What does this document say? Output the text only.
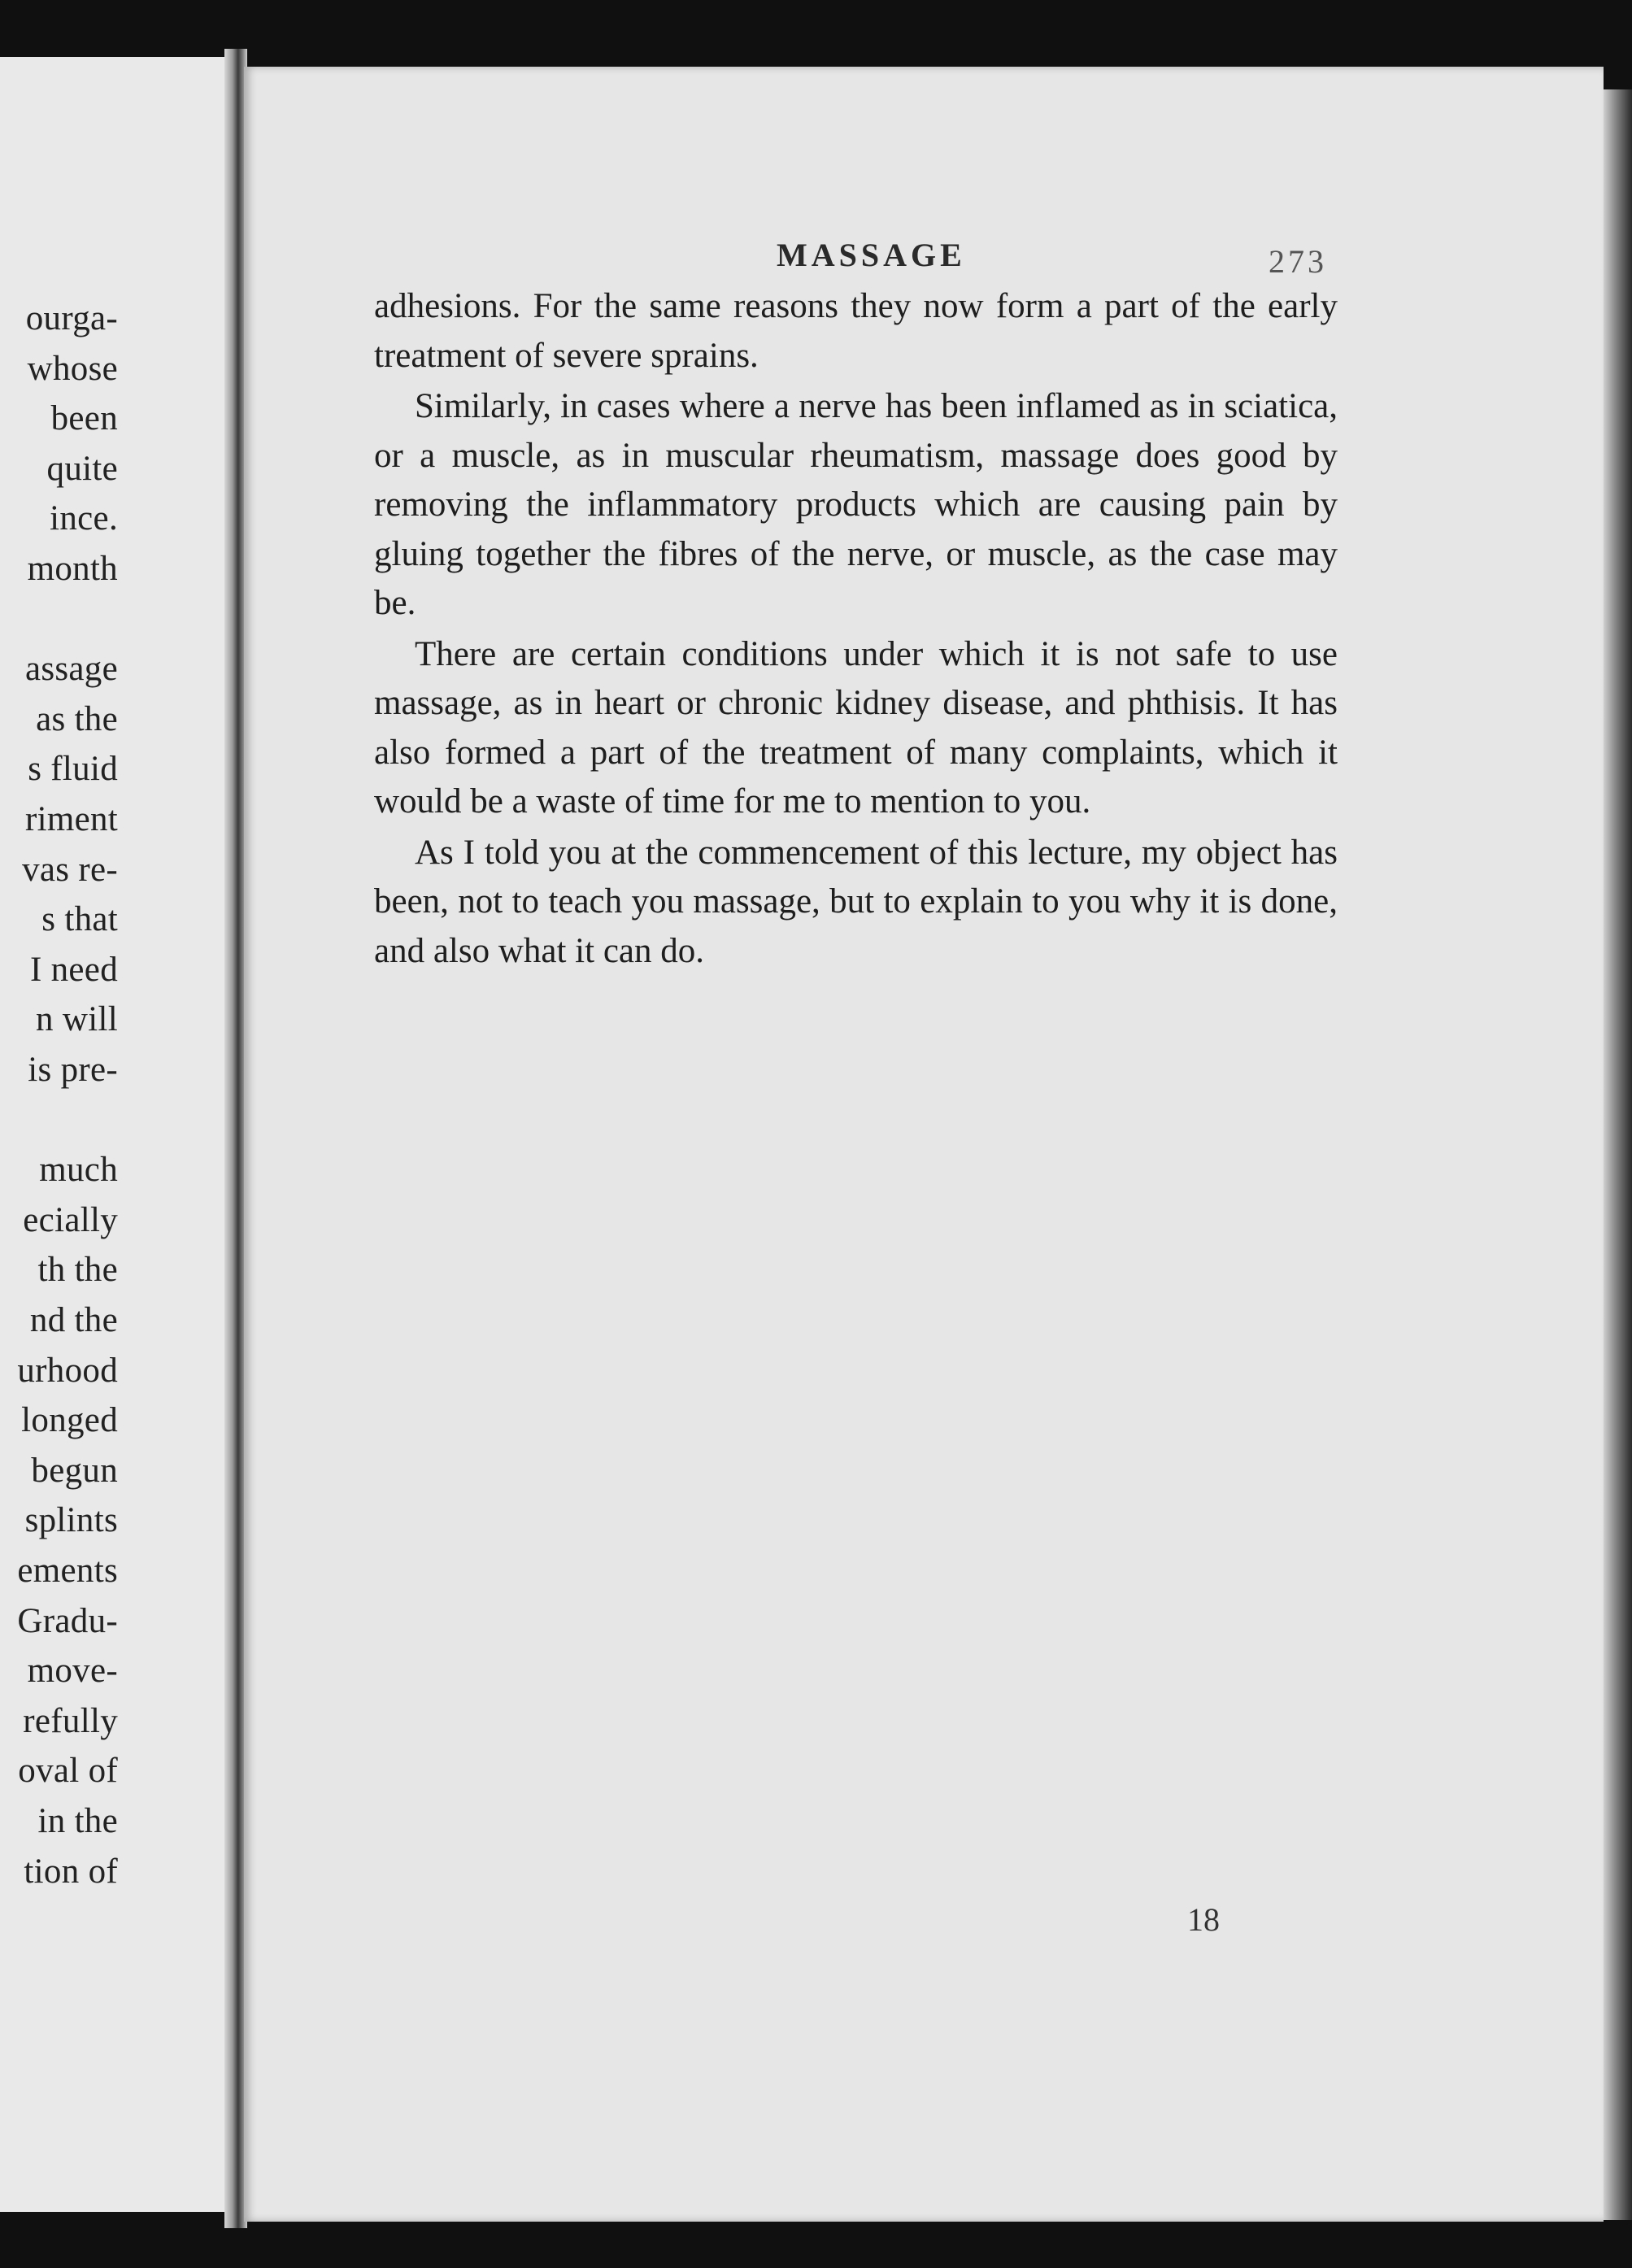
ourga-
whose
been
quite
ince.
month
assage
as the
s fluid
riment
vas re-
s that
I need
n will
is pre-
much
ecially
th the
nd the
urhood
longed
begun
splints
ements
Gradu-
move-
refully
oval of
in the
tion of
MASSAGE	273

adhesions. For the same reasons they now form a part of the early treatment of severe sprains.

Similarly, in cases where a nerve has been inflamed as in sciatica, or a muscle, as in muscular rheumatism, massage does good by removing the inflammatory products which are causing pain by gluing together the fibres of the nerve, or muscle, as the case may be.

There are certain conditions under which it is not safe to use massage, as in heart or chronic kidney disease, and phthisis. It has also formed a part of the treatment of many complaints, which it would be a waste of time for me to mention to you.

As I told you at the commencement of this lecture, my object has been, not to teach you massage, but to explain to you why it is done, and also what it can do.

18
